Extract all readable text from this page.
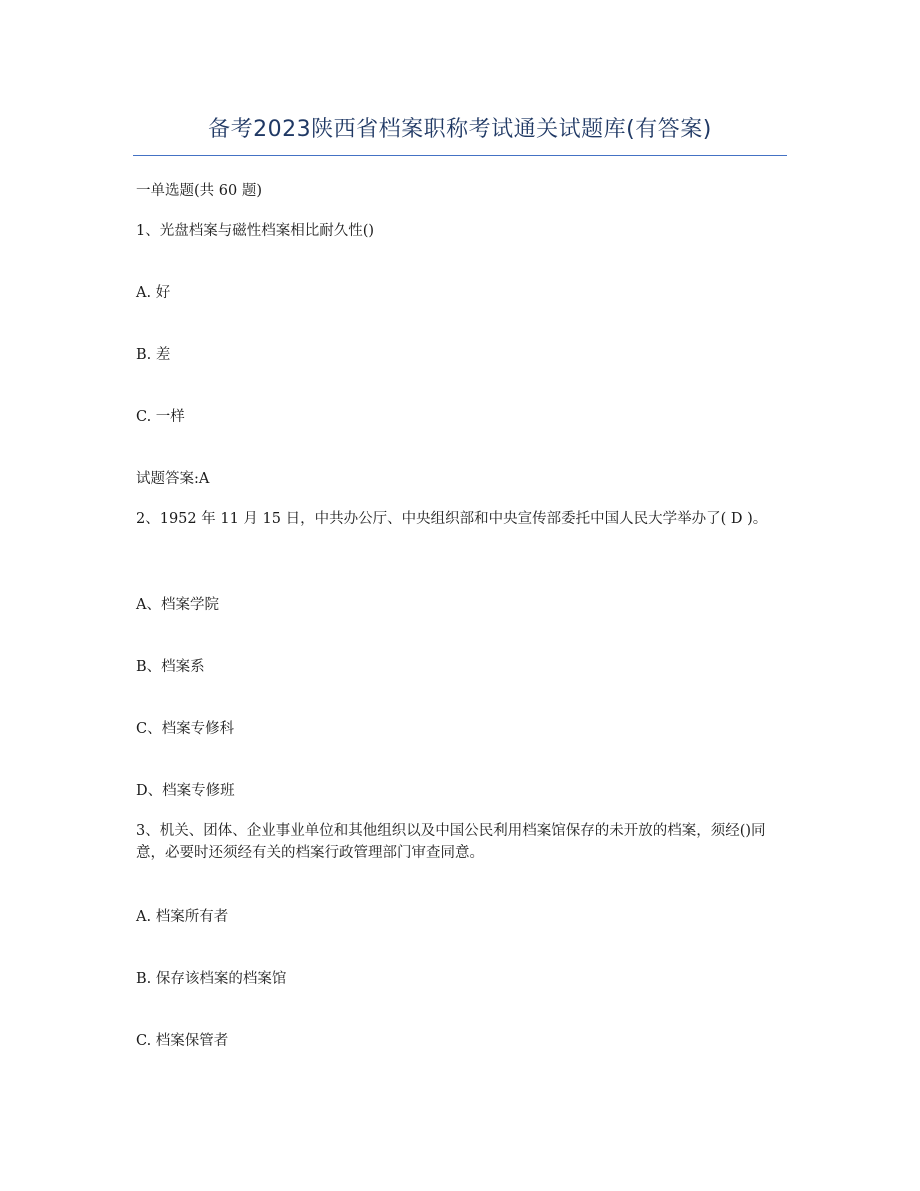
备考2023陕西省档案职称考试通关试题库(有答案)

一单选题(共 60 题)

1、光盘档案与磁性档案相比耐久性()

A. 好

B. 差

C. 一样

试题答案:A

2、1952 年 11 月 15 日，中共办公厅、中央组织部和中央宣传部委托中国人民大学举办了( D )。

A、档案学院

B、档案系

C、档案专修科

D、档案专修班

3、机关、团体、企业事业单位和其他组织以及中国公民利用档案馆保存的未开放的档案，须经()同意，必要时还须经有关的档案行政管理部门审查同意。

A. 档案所有者

B. 保存该档案的档案馆

C. 档案保管者
